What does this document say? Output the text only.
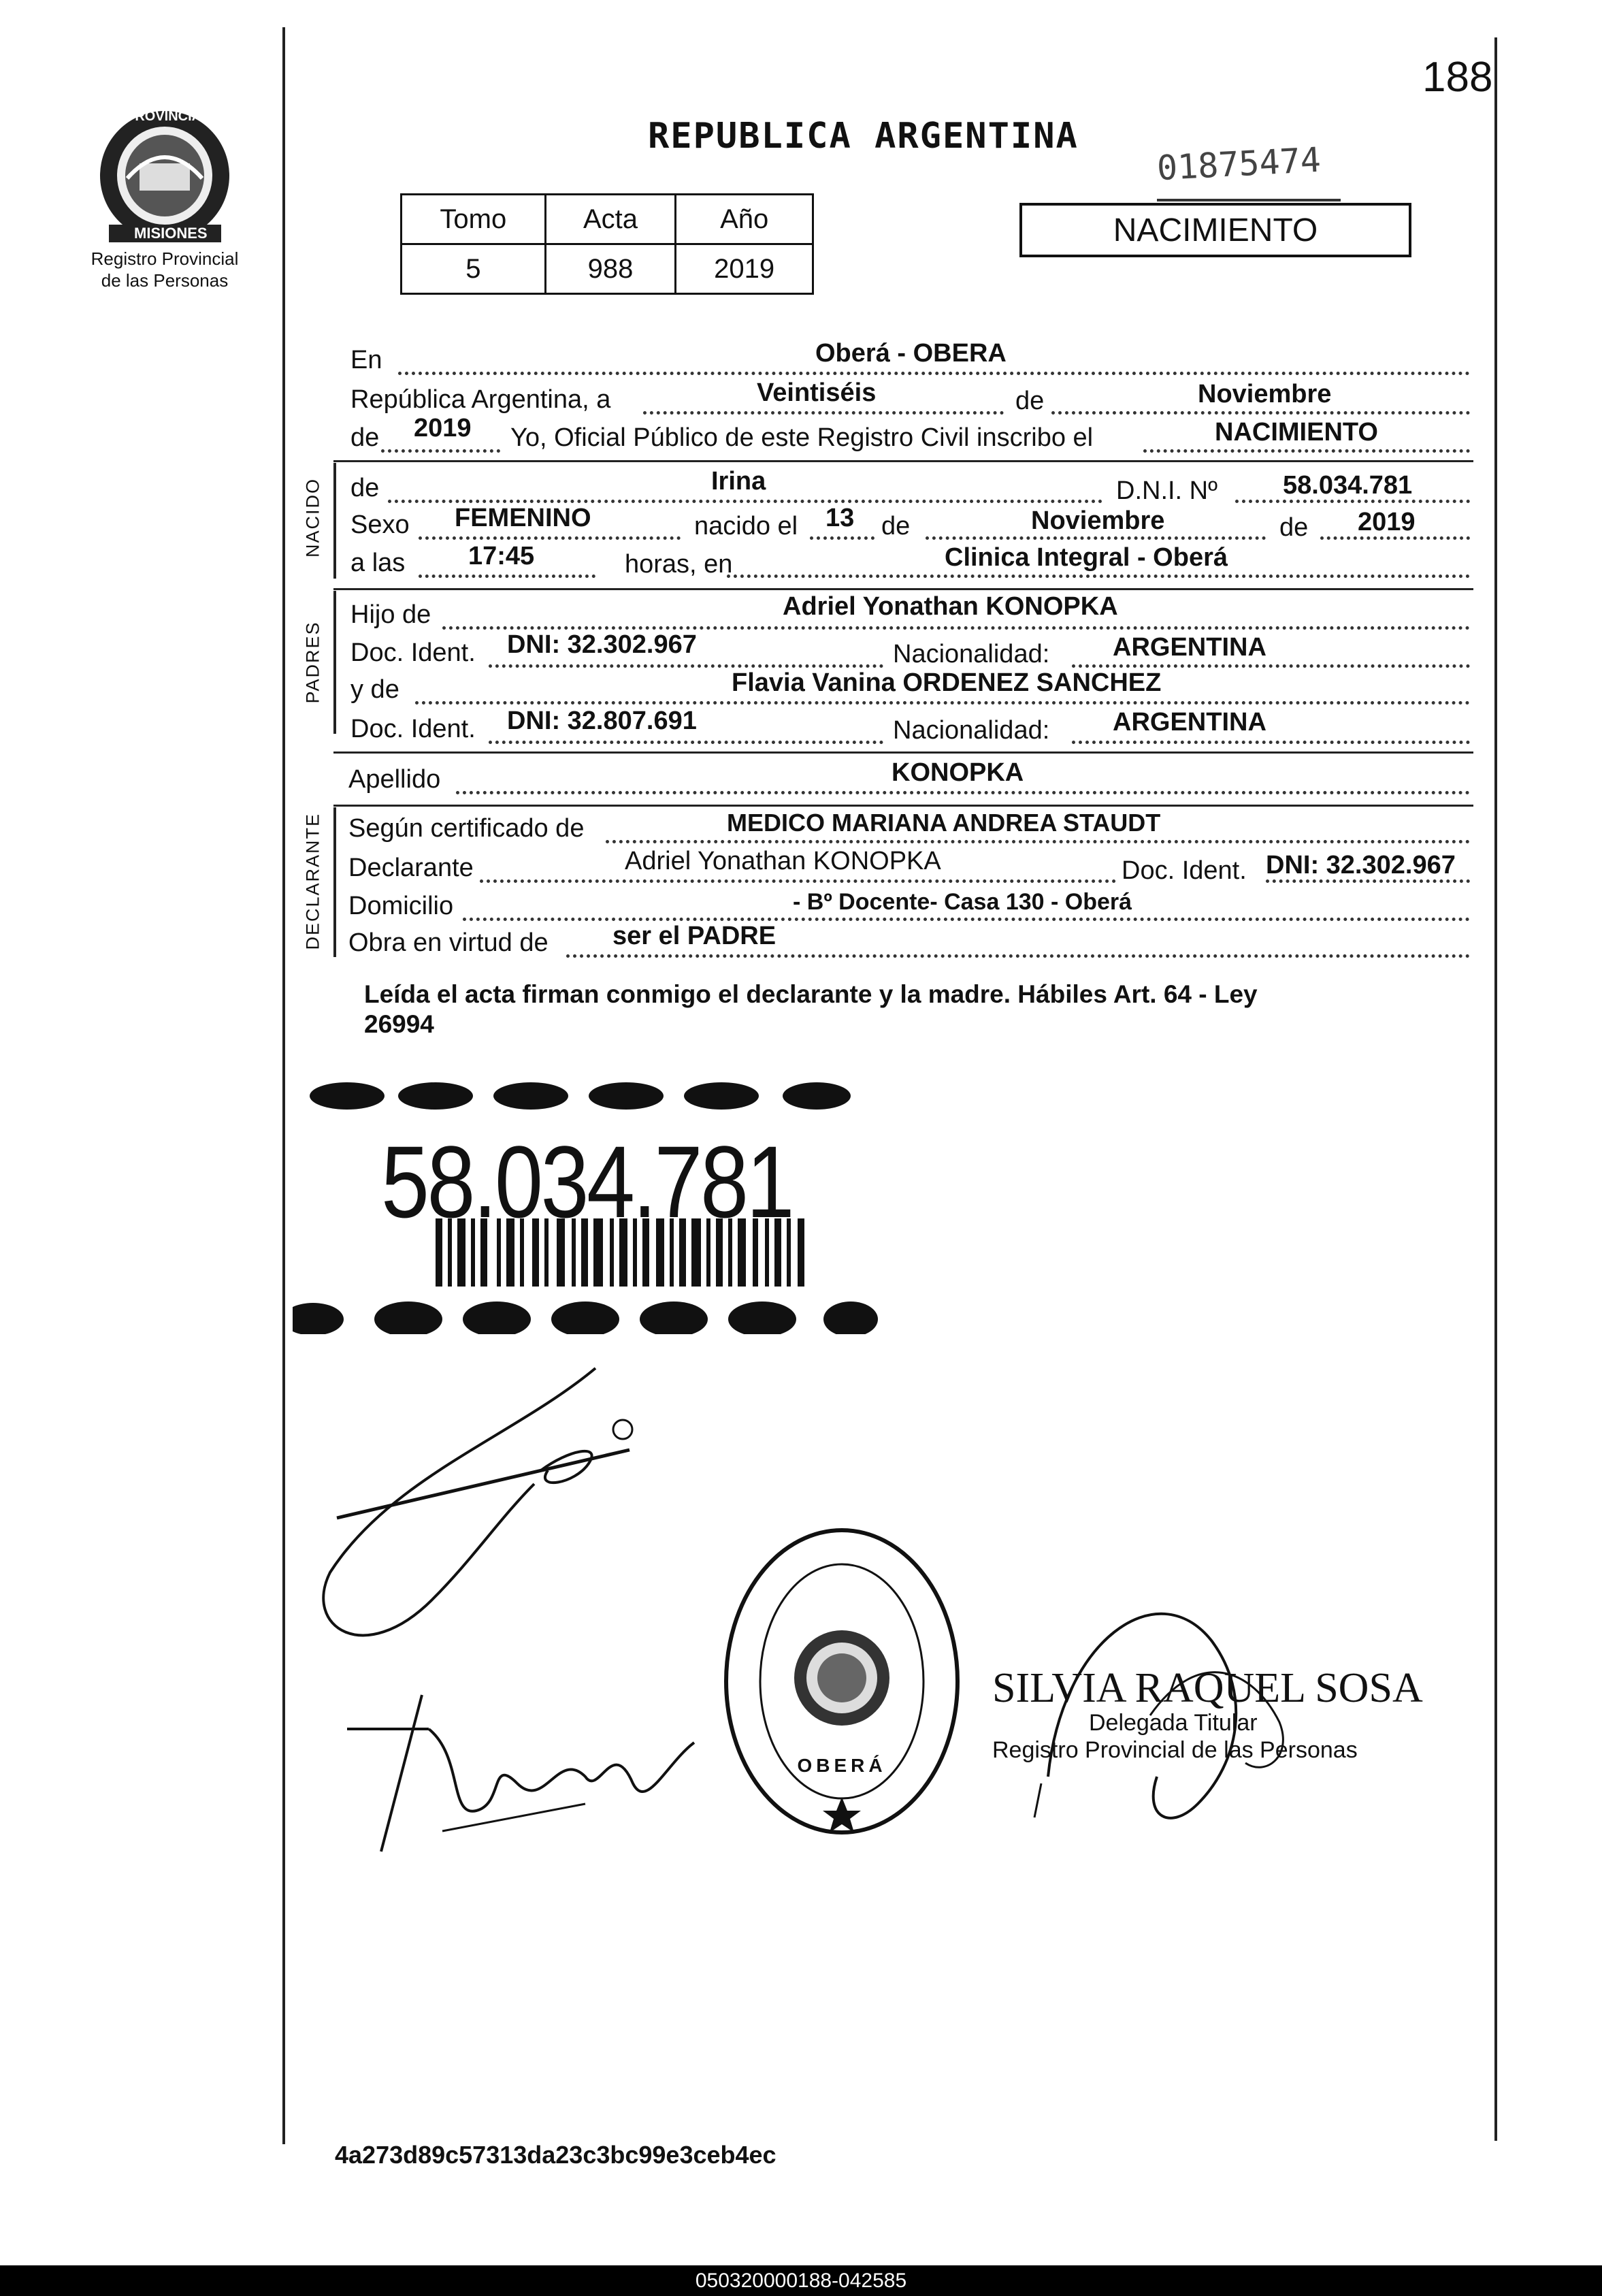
188
PROVINCIA DE
MISIONES
Registro Provincial
de las Personas
REPUBLICA ARGENTINA
01875474
NACIMIENTO
Tomo	Acta	Año
5	988	2019
En	Oberá - OBERA
República Argentina, a	Veintiséis	de	Noviembre
de 2019 Yo, Oficial Público de este Registro Civil inscribo el	NACIMIENTO
NACIDO de	Irina	D.N.I. Nº	58.034.781
Sexo FEMENINO	nacido el 13 de	Noviembre	de 2019
a las 17:45	horas, en	Clinica Integral - Oberá
PADRES
Hijo de	Adriel Yonathan KONOPKA
Doc. Ident. DNI: 32.302.967	Nacionalidad: ARGENTINA
y de	Flavia Vanina ORDENEZ SANCHEZ
Doc. Ident. DNI: 32.807.691	Nacionalidad: ARGENTINA
Apellido	KONOPKA
DECLARANTE Según certificado de	MEDICO MARIANA ANDREA STAUDT
Declarante	Adriel Yonathan KONOPKA	Doc. Ident. DNI: 32.302.967
Domicilio	- Bº Docente- Casa 130 - Oberá
Obra en virtud de ser el PADRE
Leída el acta firman conmigo el declarante y la madre. Hábiles Art. 64 - Ley
26994
58.034.781
OBERÁ
SILVIA RAQUEL SOSA
Delegada Titular
Registro Provincial de las Personas
4a273d89c57313da23c3bc99e3ceb4ec
050320000188-042585
